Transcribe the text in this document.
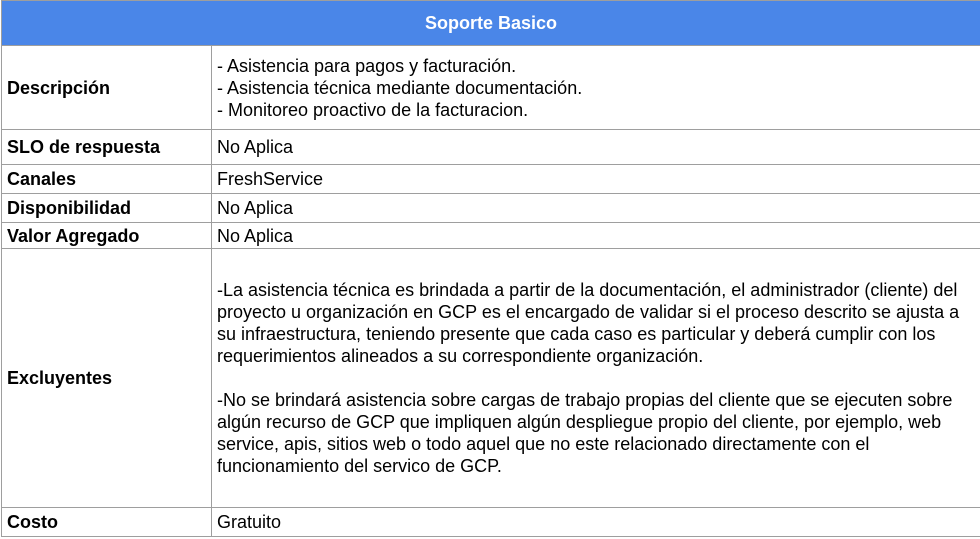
Soporte Basico	
Descripción	- Asistencia para pagos y facturación.
- Asistencia técnica mediante documentación.
- Monitoreo proactivo de la facturacion.

SLO de respuesta	No Aplica
Canales	FreshService
Disponibilidad	No Aplica
Valor Agregado	No Aplica
Excluyentes	-La asistencia técnica es brindada a partir de la documentación, el administrador (cliente) del proyecto u organización en GCP es el encargado de validar si el proceso descrito se ajusta a su infraestructura, teniendo presente que cada caso es particular y deberá cumplir con los requerimientos alineados a su correspondiente organización.
-No se brindará asistencia sobre cargas de trabajo propias del cliente que se ejecuten sobre algún recurso de GCP que impliquen algún despliegue propio del cliente, por ejemplo, web service, apis, sitios web o todo aquel que no este relacionado directamente con el funcionamiento del servico de GCP.

Costo	Gratuito
